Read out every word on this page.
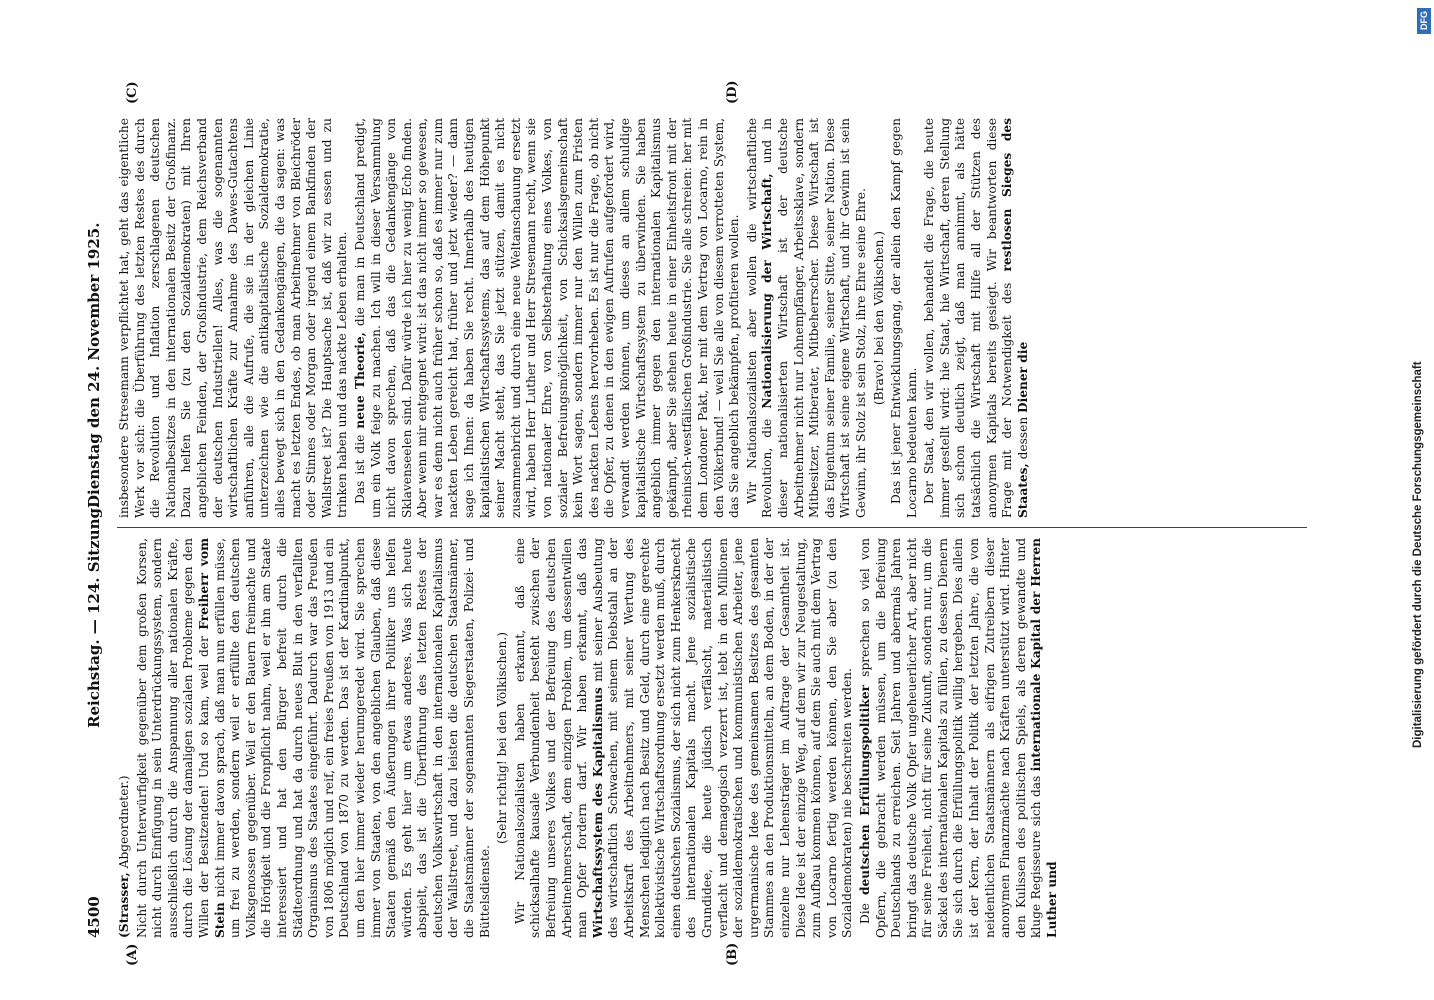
4500
Reichstag. — 124. Sitzung.
Dienstag den 24. November 1925.
(A)	(B)
(C)	(D)

(Strasser, Abgeordneter.) Nicht durch Unterwürfigkeit gegenüber dem großen Korsen, nicht durch Einfügung in sein Unterdrückungssystem, sondern ausschließlich durch die Anspannung aller nationalen Kräfte, durch die Lösung der damaligen sozialen Probleme gegen den Willen der Besitzenden! Und so kam, weil der Freiherr vom Stein nicht immer davon sprach, daß man nun erfüllen müsse, um frei zu werden, sondern weil er erfüllte den deutschen Volksgenossen gegenüber. Weil er den Bauern freimachte und die Hörigkeit und die Fronpflicht nahm, weil er ihn am Staate interessiert und hat den Bürger befreit durch die Städteordnung und hat da durch neues Blut in den verfallten Organismus des Staates eingeführt. Dadurch war das Preußen von 1806 möglich und reif, ein freies Preußen von 1913 und ein Deutschland von 1870 zu werden. Das ist der Kardinalpunkt, um den hier immer wieder herumgeredet wird. Sie sprechen immer von Staaten, von den angeblichen Glauben, daß diese Staaten gemäß den Äußerungen ihrer Politiker uns helfen würden. Es geht hier um etwas anderes. Was sich heute abspielt, das ist die Überführung des letzten Restes der deutschen Volkswirtschaft in den internationalen Kapitalismus der Wallstreet, und dazu leisten die deutschen Staatsmänner, die Staatsmänner der sogenannten Siegerstaaten, Polizei- und Büttelsdienste.

(Sehr richtig! bei den Völkischen.) Wir Nationalsozialisten haben erkannt, daß eine schicksalhafte kausale Verbundenheit besteht zwischen der Befreiung unseres Volkes und der Befreiung des deutschen Arbeitnehmerschaft, dem einzigen Problem, um dessentwillen man Opfer fordern darf. Wir haben erkannt, daß das Wirtschaftssystem des Kapitalismus mit seiner Ausbeutung des wirtschaftlich Schwachen, mit seinem Diebstahl an der Arbeitskraft des Arbeitnehmers, mit seiner Wertung des Menschen lediglich nach Besitz und Geld, durch eine gerechte kollektivistische Wirtschaftsordnung ersetzt werden muß, durch einen deutschen Sozialismus, der sich nicht zum Henkersknecht des internationalen Kapitals macht. Jene sozialistische Grundidee, die heute jüdisch verfälscht, materialistisch verflacht und demagogisch verzerrt ist, lebt in den Millionen der sozialdemokratischen und kommunistischen Arbeiter, jene urgermanische Idee des gemeinsamen Besitzes des gesamten Stammes an den Produktionsmitteln, an dem Boden, in der der einzelne nur Lehensträger im Auftrage der Gesamtheit ist. Diese Idee ist der einzige Weg, auf dem wir zur Neugestaltung, zum Aufbau kommen können, auf dem Sie auch mit dem Vertrag von Locarno fertig werden können, den Sie aber (zu den Sozialdemokraten) nie beschreiten werden. Die deutschen Erfüllungspolitiker sprechen so viel von Opfern, die gebracht werden müssen, um die Befreiung Deutschlands zu erreichen. Seit Jahren und abermals Jahren bringt das deutsche Volk Opfer ungeheuerlicher Art, aber nicht für seine Freiheit, nicht für seine Zukunft, sondern nur, um die Säckel des internationalen Kapitals zu füllen, zu dessen Dienern Sie sich durch die Erfüllungspolitik willig hergeben. Dies allein ist der Kern, der Inhalt der Politik der letzten Jahre, die von neidentlichen Staatsmännern als eifrigen Zutreibern dieser anonymen Finanzmächte nach Kräften unterstützt wird. Hinter den Kulissen des politischen Spiels, als deren gewandte und kluge Regisseure sich das internationale Kapital der Herren Luther und

insbesondere Stresemann verpflichtet hat, geht das eigentliche Werk vor sich: die Überführung des letzten Restes des durch die Revolution und Inflation zerschlagenen deutschen Nationalbesitzes in den internationalen Besitz der Großfinanz. Dazu helfen Sie (zu den Sozialdemokraten) mit Ihren angeblichen Feinden, der Großindustrie, dem Reichsverband der deutschen Industriellen! Alles, was die sogenannten wirtschaftlichen Kräfte zur Annahme des Dawes-Gutachtens anführen, alle die Aufrufe, die sie in der gleichen Linie unterzeichnen wie die antikapitalistische Sozialdemokratie, alles bewegt sich in den Gedankengängen, die da sagen: was macht es letzten Endes, ob man Arbeitnehmer von Bleichröder oder Stinnes oder Morgan oder irgend einem Bankfinden der Wallstreet ist? Die Hauptsache ist, daß wir zu essen und zu trinken haben und das nackte Leben erhalten. Das ist die neue Theorie, die man in Deutschland predigt, um ein Volk feige zu machen. Ich will in dieser Versammlung nicht davon sprechen, daß das die Gedankengänge von Sklavenseelen sind. Dafür würde ich hier zu wenig Echo finden. Aber wenn mir entgegnet wird: ist das nicht immer so gewesen, war es denn nicht auch früher schon so, daß es immer nur zum nackten Leben gereicht hat, früher und jetzt wieder? — dann sage ich Ihnen: da haben Sie recht. Innerhalb des heutigen kapitalistischen Wirtschaftssystems, das auf dem Höhepunkt seiner Macht steht, das Sie jetzt stützen, damit es nicht zusammenbricht und durch eine neue Weltanschauung ersetzt wird, haben Herr Luther und Herr Stresemann recht, wenn sie von nationaler Ehre, von Selbsterhaltung eines Volkes, von sozialer Befreiungsmöglichkeit, von Schicksalsgemeinschaft kein Wort sagen, sondern immer nur den Willen zum Fristen des nackten Lebens hervorheben. Es ist nur die Frage, ob nicht die Opfer, zu denen in den ewigen Aufrufen aufgefordert wird, verwandt werden können, um dieses an allem schuldige kapitalistische Wirtschaftssystem zu überwinden. Sie haben angeblich immer gegen den internationalen Kapitalismus gekämpft, aber Sie stehen heute in einer Einheitsfront mit der rheinisch-westfälischen Großindustrie. Sie alle schreien: her mit dem Londoner Pakt, her mit dem Vertrag von Locarno, rein in den Völkerbund! — weil Sie alle von diesem verrotteten System, das Sie angeblich bekämpfen, profitieren wollen. Wir Nationalsozialisten aber wollen die wirtschaftliche Revolution, die Nationalisierung der Wirtschaft, und in dieser nationalisierten Wirtschaft ist der deutsche Arbeitnehmer nicht nur Lohnempfänger, Arbeitssklave, sondern Mitbesitzer, Mitberater, Mitbeherrscher. Diese Wirtschaft ist das Eigentum seiner Familie, seiner Sitte, seiner Nation. Diese Wirtschaft ist seine eigene Wirtschaft, und ihr Gewinn ist sein Gewinn, ihr Stolz ist sein Stolz, ihre Ehre seine Ehre. (Bravo! bei den Völkischen.) Das ist jener Entwicklungsgang, der allein den Kampf gegen Locarno bedeuten kann. Der Staat, den wir wollen, behandelt die Frage, die heute immer gestellt wird: hie Staat, hie Wirtschaft, deren Stellung sich schon deutlich zeigt, daß man annimmt, als hätte tatsächlich die Wirtschaft mit Hilfe all der Stützen des anonymen Kapitals bereits gesiegt. Wir beantworten diese Frage mit der Notwendigkeit des restlosen Sieges des Staates, dessen Diener die

DFG
Digitalisierung gefördert durch die Deutsche Forschungsgemeinschaft
